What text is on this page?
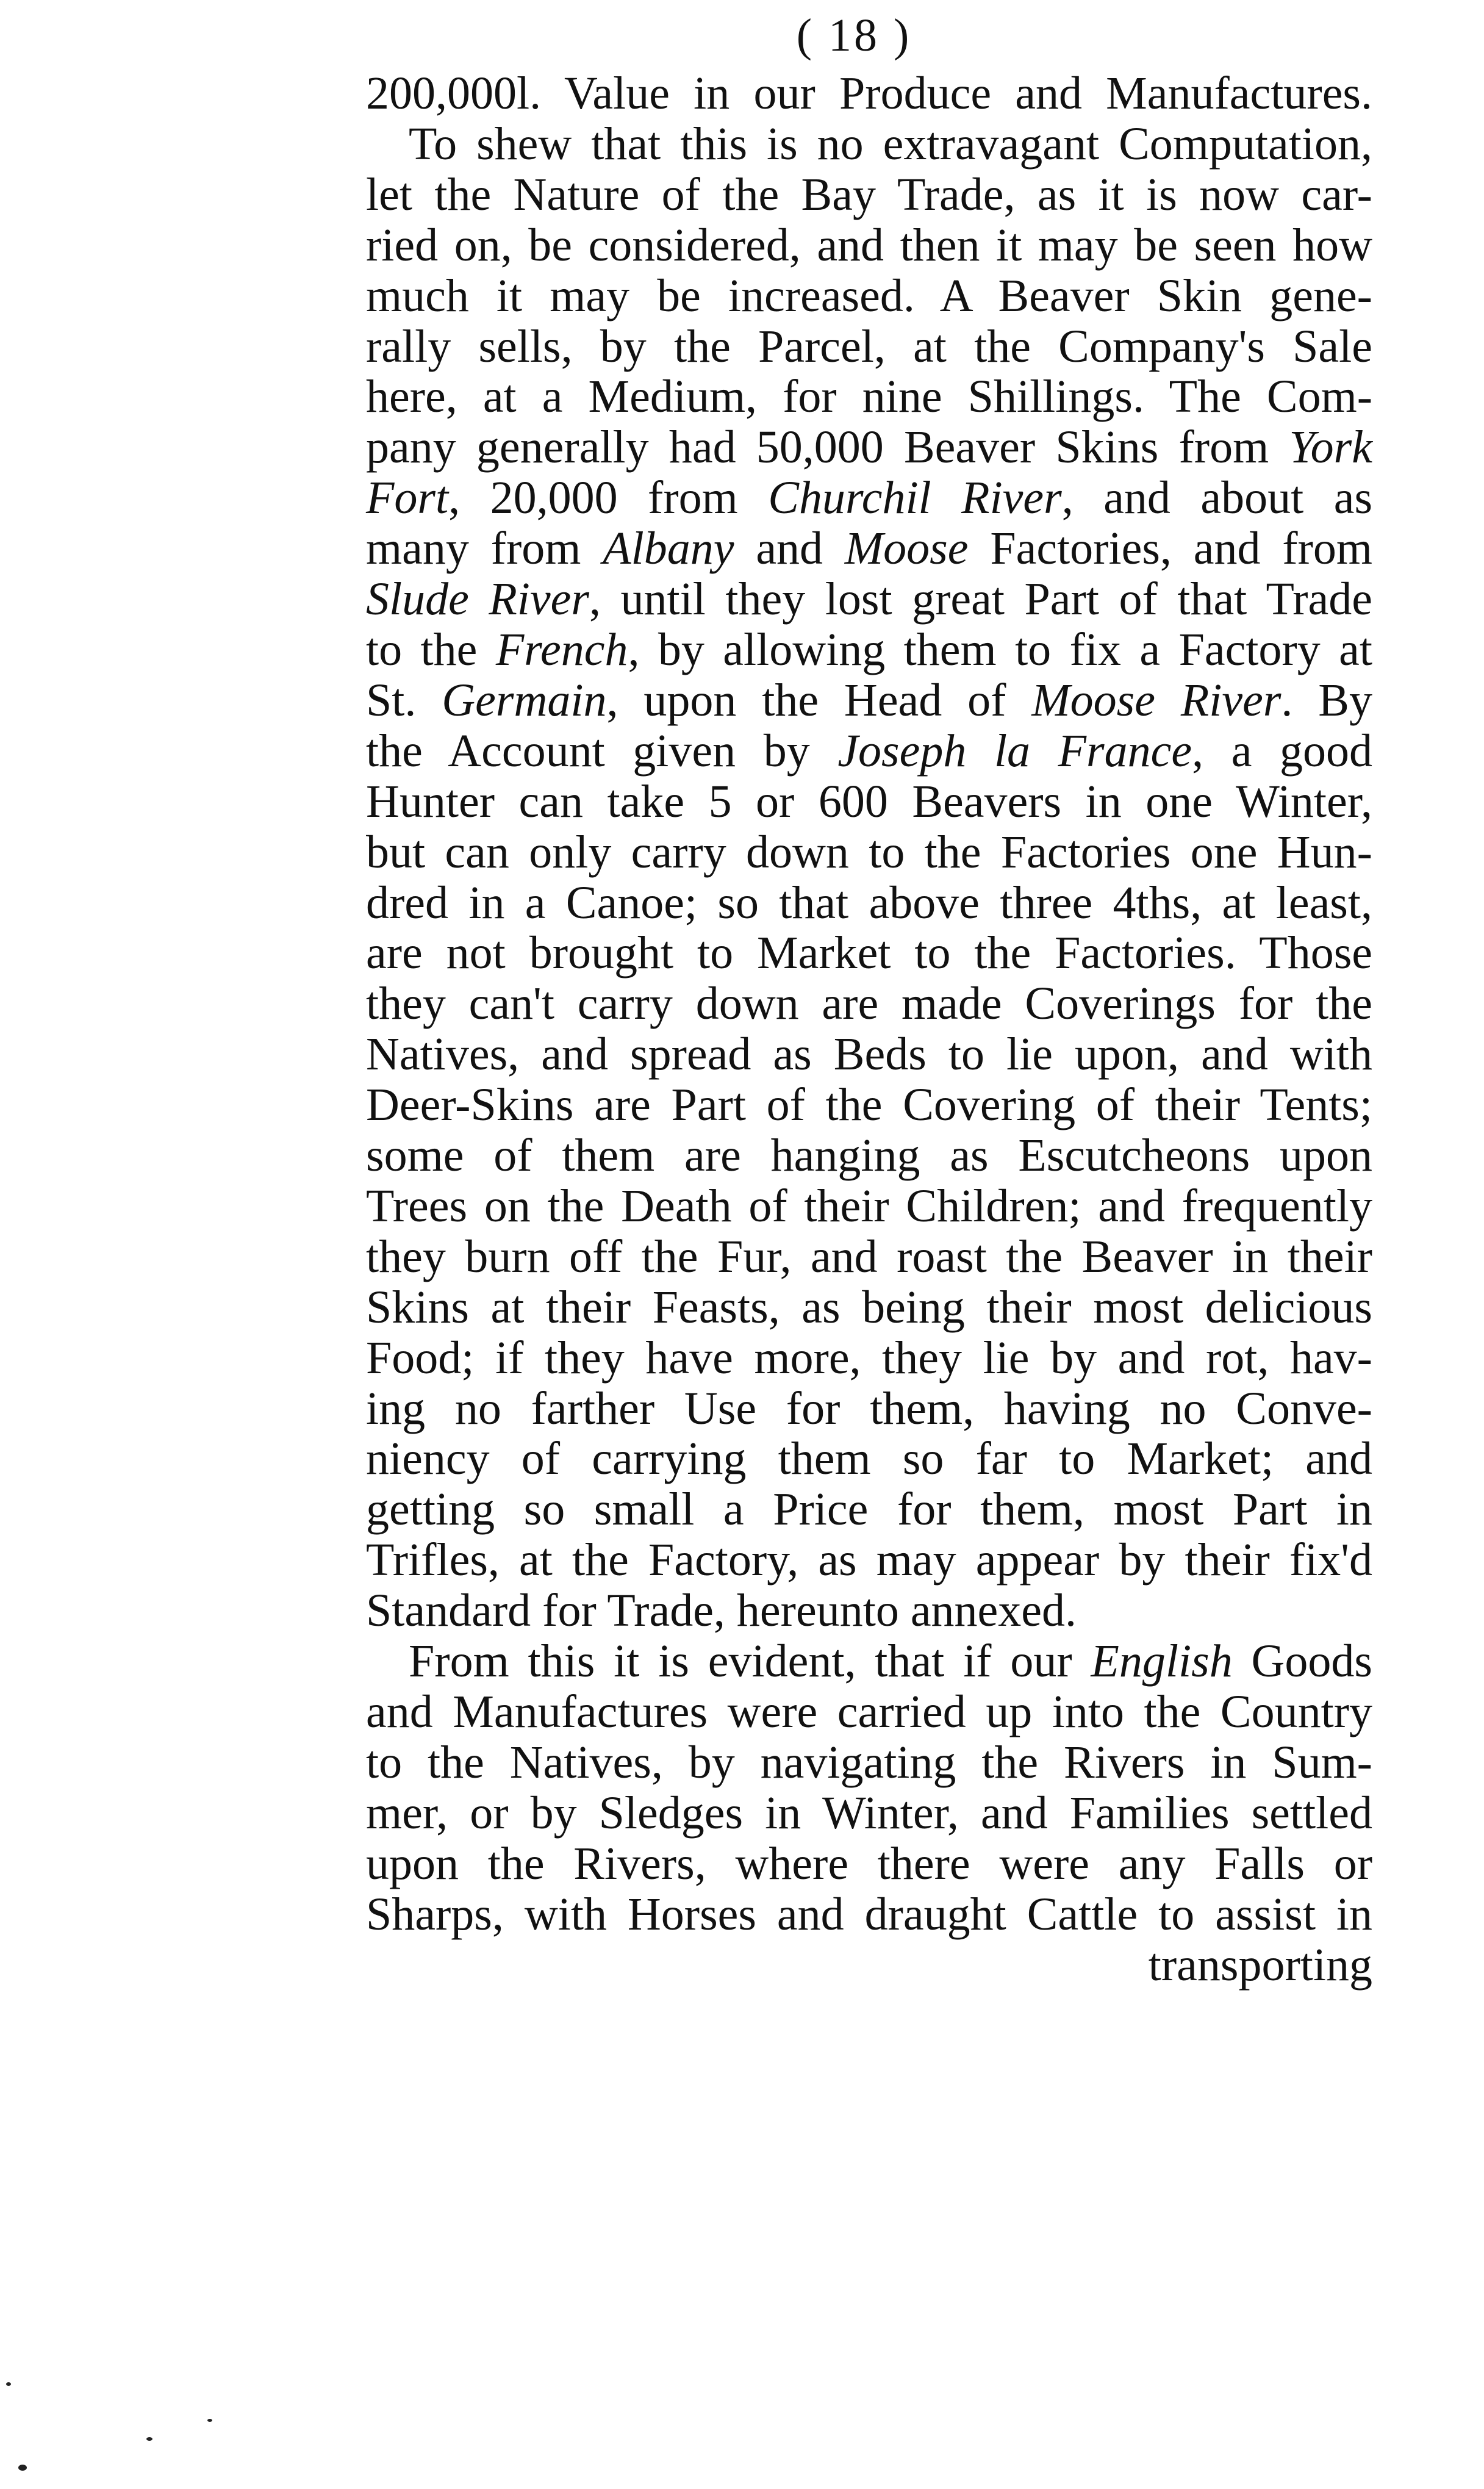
( 18 )
200,000l. Value in our Produce and Manufactures.
To shew that this is no extravagant Computation,
let the Nature of the Bay Trade, as it is now car-
ried on, be considered, and then it may be seen how
much it may be increased. A Beaver Skin gene-
rally sells, by the Parcel, at the Company's Sale
here, at a Medium, for nine Shillings. The Com-
pany generally had 50,000 Beaver Skins from York
Fort, 20,000 from Churchil River, and about as
many from Albany and Moose Factories, and from
Slude River, until they lost great Part of that Trade
to the French, by allowing them to fix a Factory at
St. Germain, upon the Head of Moose River. By
the Account given by Joseph la France, a good
Hunter can take 5 or 600 Beavers in one Winter,
but can only carry down to the Factories one Hun-
dred in a Canoe; so that above three 4ths, at least,
are not brought to Market to the Factories. Those
they can't carry down are made Coverings for the
Natives, and spread as Beds to lie upon, and with
Deer-Skins are Part of the Covering of their Tents;
some of them are hanging as Escutcheons upon
Trees on the Death of their Children; and frequently
they burn off the Fur, and roast the Beaver in their
Skins at their Feasts, as being their most delicious
Food; if they have more, they lie by and rot, hav-
ing no farther Use for them, having no Conve-
niency of carrying them so far to Market; and
getting so small a Price for them, most Part in
Trifles, at the Factory, as may appear by their fix'd
Standard for Trade, hereunto annexed.
From this it is evident, that if our English Goods
and Manufactures were carried up into the Country
to the Natives, by navigating the Rivers in Sum-
mer, or by Sledges in Winter, and Families settled
upon the Rivers, where there were any Falls or
Sharps, with Horses and draught Cattle to assist in
transporting
